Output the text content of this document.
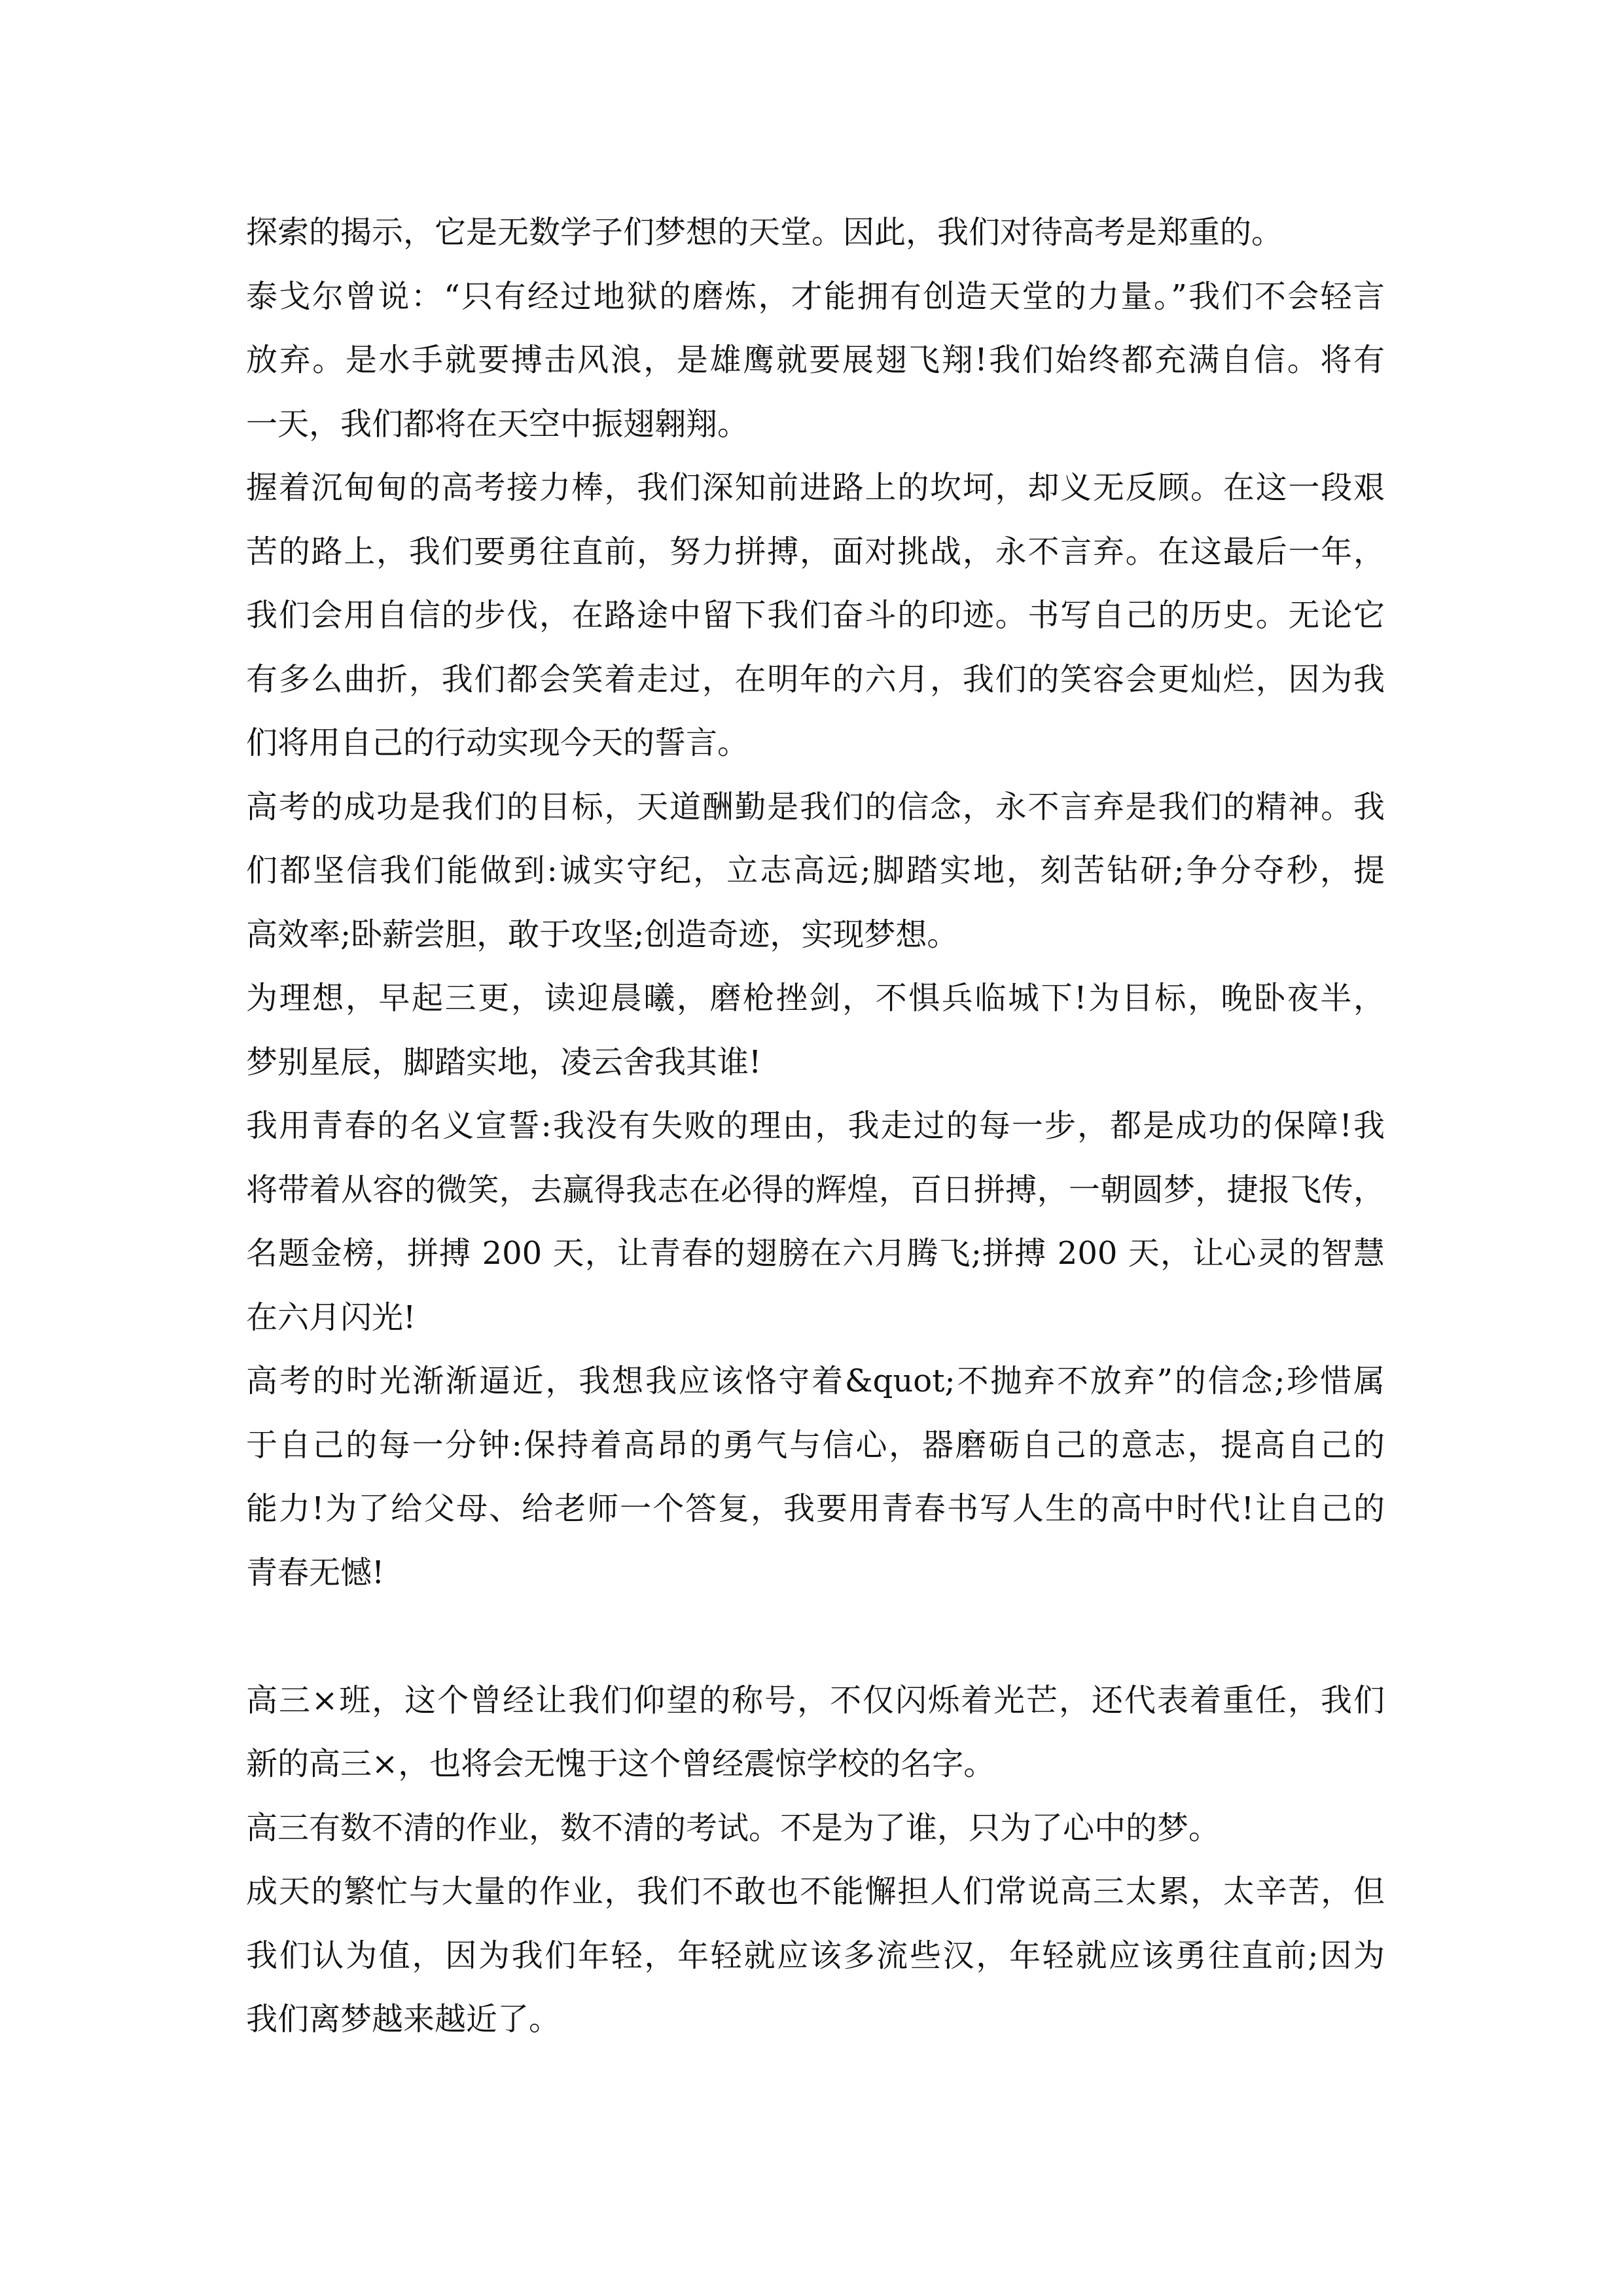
探索的揭示，它是无数学子们梦想的天堂。因此，我们对待高考是郑重的。
泰戈尔曾说：“只有经过地狱的磨炼，才能拥有创造天堂的力量。”我们不会轻言
放弃。是水手就要搏击风浪，是雄鹰就要展翅飞翔!我们始终都充满自信。将有
一天，我们都将在天空中振翅翱翔。
握着沉甸甸的高考接力棒，我们深知前进路上的坎坷，却义无反顾。在这一段艰
苦的路上，我们要勇往直前，努力拼搏，面对挑战，永不言弃。在这最后一年，
我们会用自信的步伐，在路途中留下我们奋斗的印迹。书写自己的历史。无论它
有多么曲折，我们都会笑着走过，在明年的六月，我们的笑容会更灿烂，因为我
们将用自己的行动实现今天的誓言。
高考的成功是我们的目标，天道酬勤是我们的信念，永不言弃是我们的精神。我
们都坚信我们能做到:诚实守纪，立志高远;脚踏实地，刻苦钻研;争分夺秒，提
高效率;卧薪尝胆，敢于攻坚;创造奇迹，实现梦想。
为理想，早起三更，读迎晨曦，磨枪挫剑，不惧兵临城下!为目标，晚卧夜半，
梦别星辰，脚踏实地，凌云舍我其谁!
我用青春的名义宣誓:我没有失败的理由，我走过的每一步，都是成功的保障!我
将带着从容的微笑，去赢得我志在必得的辉煌，百日拼搏，一朝圆梦，捷报飞传，
名题金榜，拼搏 200 天，让青春的翅膀在六月腾飞;拼搏 200 天，让心灵的智慧
在六月闪光!
高考的时光渐渐逼近，我想我应该恪守着&quot;不抛弃不放弃”的信念;珍惜属
于自己的每一分钟:保持着高昂的勇气与信心，器磨砺自己的意志，提高自己的
能力!为了给父母、给老师一个答复，我要用青春书写人生的高中时代!让自己的
青春无憾!
高三×班，这个曾经让我们仰望的称号，不仅闪烁着光芒，还代表着重任，我们
新的高三×，也将会无愧于这个曾经震惊学校的名字。
高三有数不清的作业，数不清的考试。不是为了谁，只为了心中的梦。
成天的繁忙与大量的作业，我们不敢也不能懈担人们常说高三太累，太辛苦，但
我们认为值，因为我们年轻，年轻就应该多流些汉，年轻就应该勇往直前;因为
我们离梦越来越近了。
